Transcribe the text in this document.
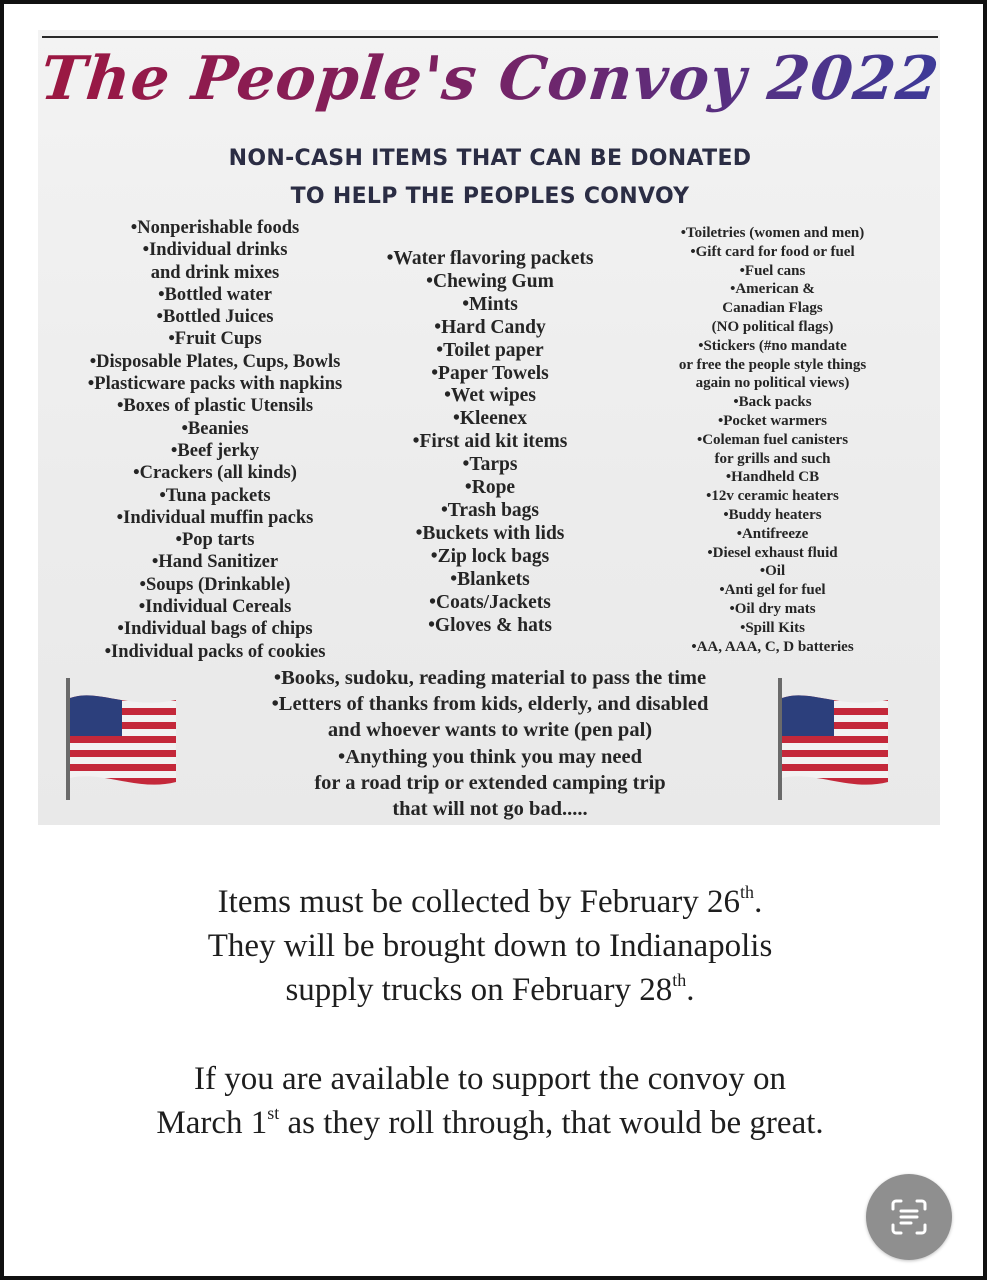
The People's Convoy 2022
NON-CASH ITEMS THAT CAN BE DONATED
TO HELP THE PEOPLES CONVOY
•Nonperishable foods
•Individual drinks
and drink mixes
•Bottled water
•Bottled Juices
•Fruit Cups
•Disposable Plates, Cups, Bowls
•Plasticware packs with napkins
•Boxes of plastic Utensils
•Beanies
•Beef jerky
•Crackers (all kinds)
•Tuna packets
•Individual muffin packs
•Pop tarts
•Hand Sanitizer
•Soups (Drinkable)
•Individual Cereals
•Individual bags of chips
•Individual packs of cookies
•Water flavoring packets
•Chewing Gum
•Mints
•Hard Candy
•Toilet paper
•Paper Towels
•Wet wipes
•Kleenex
•First aid kit items
•Tarps
•Rope
•Trash bags
•Buckets with lids
•Zip lock bags
•Blankets
•Coats/Jackets
•Gloves & hats
•Toiletries (women and men)
•Gift card for food or fuel
•Fuel cans
•American &
Canadian Flags
(NO political flags)
•Stickers (#no mandate
or free the people style things
again no political views)
•Back packs
•Pocket warmers
•Coleman fuel canisters
for grills and such
•Handheld CB
•12v ceramic heaters
•Buddy heaters
•Antifreeze
•Diesel exhaust fluid
•Oil
•Anti gel for fuel
•Oil dry mats
•Spill Kits
•AA, AAA, C, D batteries
•Books, sudoku, reading material to pass the time
•Letters of thanks from kids, elderly, and disabled
and whoever wants to write (pen pal)
•Anything you think you may need
for a road trip or extended camping trip
that will not go bad.....
Items must be collected by February 26th.
They will be brought down to Indianapolis
supply trucks on February 28th.
If you are available to support the convoy on
March 1st as they roll through, that would be great.
